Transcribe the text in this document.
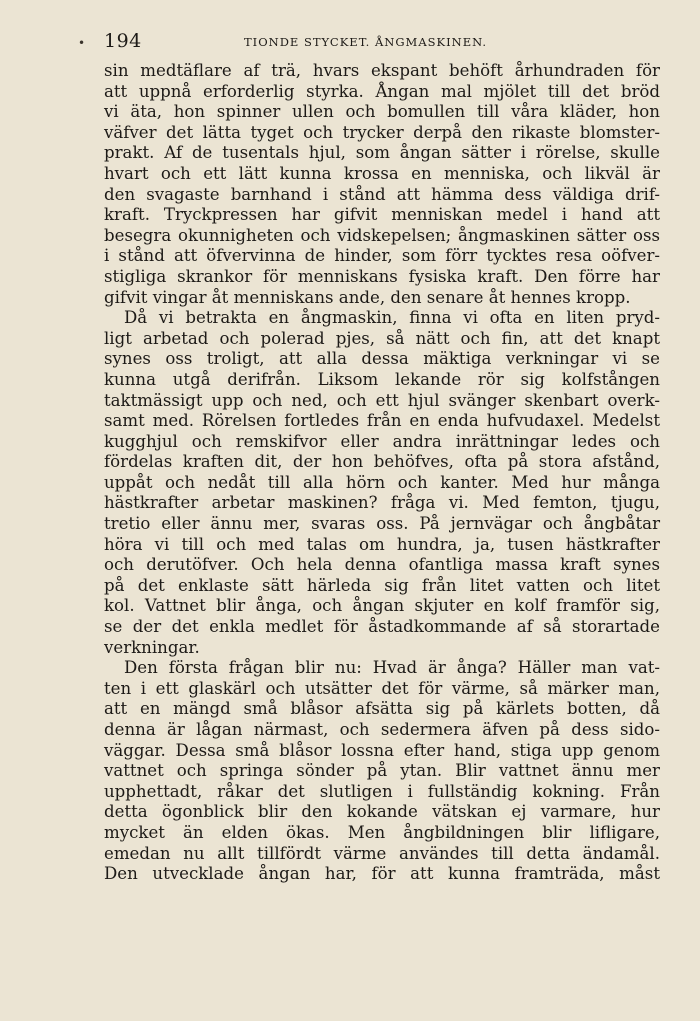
• 194	TIONDE STYCKET. ÅNGMASKINEN.
sin medtäflare af trä, hvars ekspant behöft århundraden för
att uppnå erforderlig styrka. Ångan mal mjölet till det bröd
vi äta, hon spinner ullen och bomullen till våra kläder, hon
väfver det lätta tyget och trycker derpå den rikaste blomster-
prakt. Af de tusentals hjul, som ångan sätter i rörelse, skulle
hvart och ett lätt kunna krossa en menniska, och likväl är
den svagaste barnhand i stånd att hämma dess väldiga drif-
kraft. Tryckpressen har gifvit menniskan medel i hand att
besegra okunnigheten och vidskepelsen; ångmaskinen sätter oss
i stånd att öfvervinna de hinder, som förr tycktes resa oöfver-
stigliga skrankor för menniskans fysiska kraft. Den förre har
gifvit vingar åt menniskans ande, den senare åt hennes kropp.
Då vi betrakta en ångmaskin, finna vi ofta en liten pryd-
ligt arbetad och polerad pjes, så nätt och fin, att det knapt
synes oss troligt, att alla dessa mäktiga verkningar vi se
kunna utgå derifrån. Liksom lekande rör sig kolfstången
taktmässigt upp och ned, och ett hjul svänger skenbart overk-
samt med. Rörelsen fortledes från en enda hufvudaxel. Medelst
kugghjul och remskifvor eller andra inrättningar ledes och
fördelas kraften dit, der hon behöfves, ofta på stora afstånd,
uppåt och nedåt till alla hörn och kanter. Med hur många
hästkrafter arbetar maskinen? fråga vi. Med femton, tjugu,
tretio eller ännu mer, svaras oss. På jernvägar och ångbåtar
höra vi till och med talas om hundra, ja, tusen hästkrafter
och derutöfver. Och hela denna ofantliga massa kraft synes
på det enklaste sätt härleda sig från litet vatten och litet
kol. Vattnet blir ånga, och ångan skjuter en kolf framför sig,
se der det enkla medlet för åstadkommande af så storartade
verkningar.
Den första frågan blir nu: Hvad är ånga? Häller man vat-
ten i ett glaskärl och utsätter det för värme, så märker man,
att en mängd små blåsor afsätta sig på kärlets botten, då
denna är lågan närmast, och sedermera äfven på dess sido-
väggar. Dessa små blåsor lossna efter hand, stiga upp genom
vattnet och springa sönder på ytan. Blir vattnet ännu mer
upphettadt, råkar det slutligen i fullständig kokning. Från
detta ögonblick blir den kokande vätskan ej varmare, hur
mycket än elden ökas. Men ångbildningen blir lifligare,
emedan nu allt tillfördt värme användes till detta ändamål.
Den utvecklade ångan har, för att kunna framträda, måst
